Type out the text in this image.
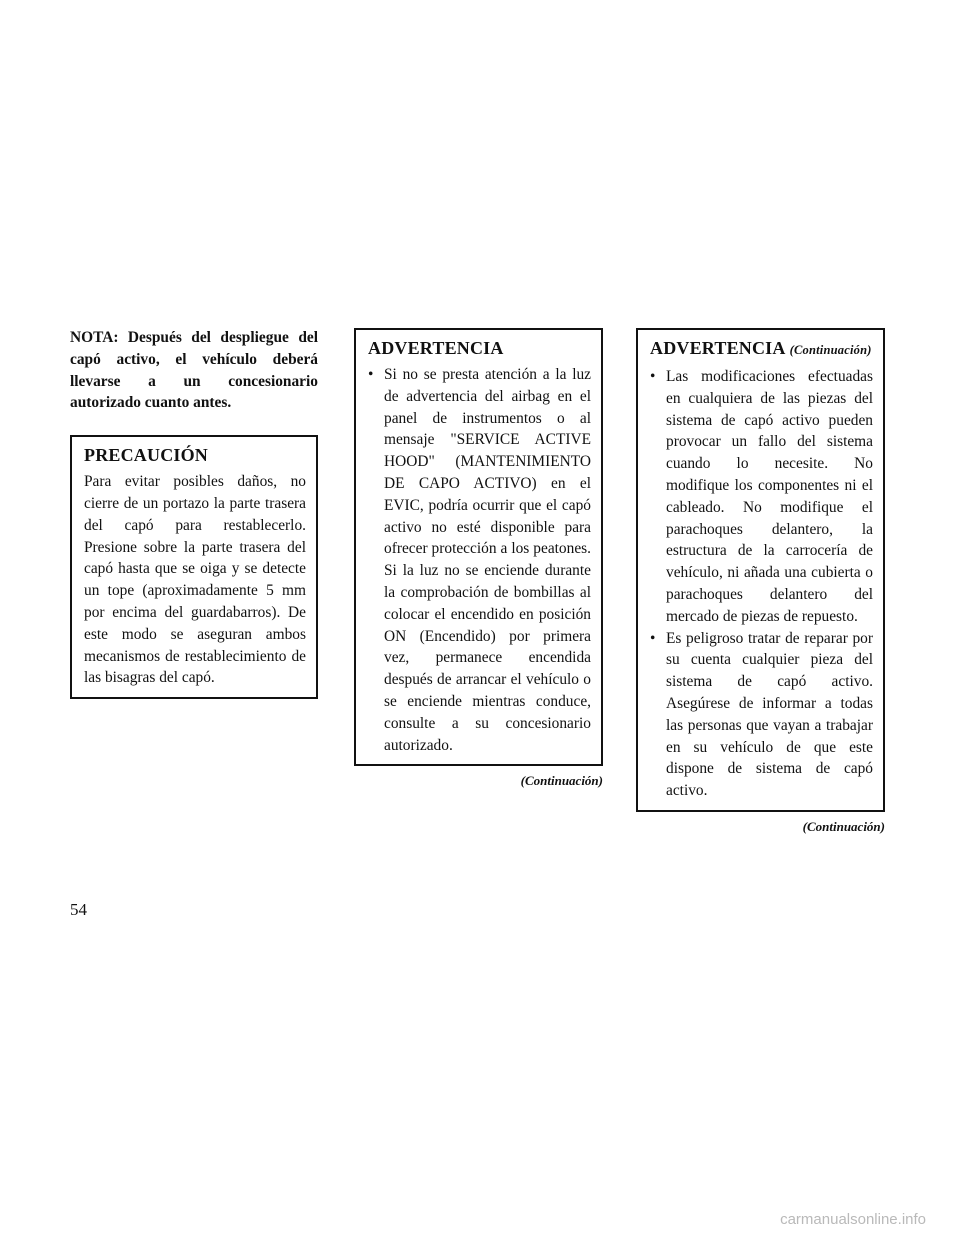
NOTA: Después del despliegue del capó activo, el vehículo deberá llevarse a un concesionario autorizado cuanto antes.

PRECAUCIÓN

Para evitar posibles daños, no cierre de un portazo la parte trasera del capó para restablecerlo. Presione sobre la parte trasera del capó hasta que se oiga y se detecte un tope (aproximadamente 5 mm por encima del guardabarros). De este modo se aseguran ambos mecanismos de restablecimiento de las bisagras del capó.

ADVERTENCIA
• Si no se presta atención a la luz de advertencia del airbag en el panel de instrumentos o al mensaje "SERVICE ACTIVE HOOD" (MANTENIMIENTO DE CAPO ACTIVO) en el EVIC, podría ocurrir que el capó activo no esté disponible para ofrecer protección a los peatones. Si la luz no se enciende durante la comprobación de bombillas al colocar el encendido en posición ON (Encendido) por primera vez, permanece encendida después de arrancar el vehículo o se enciende mientras conduce, consulte a su concesionario autorizado.
(Continuación)
ADVERTENCIA (Continuación)
• Las modificaciones efectuadas en cualquiera de las piezas del sistema de capó activo pueden provocar un fallo del sistema cuando lo necesite. No modifique los componentes ni el cableado. No modifique el parachoques delantero, la estructura de la carrocería de vehículo, ni añada una cubierta o parachoques delantero del mercado de piezas de repuesto.
• Es peligroso tratar de reparar por su cuenta cualquier pieza del sistema de capó activo. Asegúrese de informar a todas las personas que vayan a trabajar en su vehículo de que este dispone de sistema de capó activo.
(Continuación)
54
carmanualsonline.info
